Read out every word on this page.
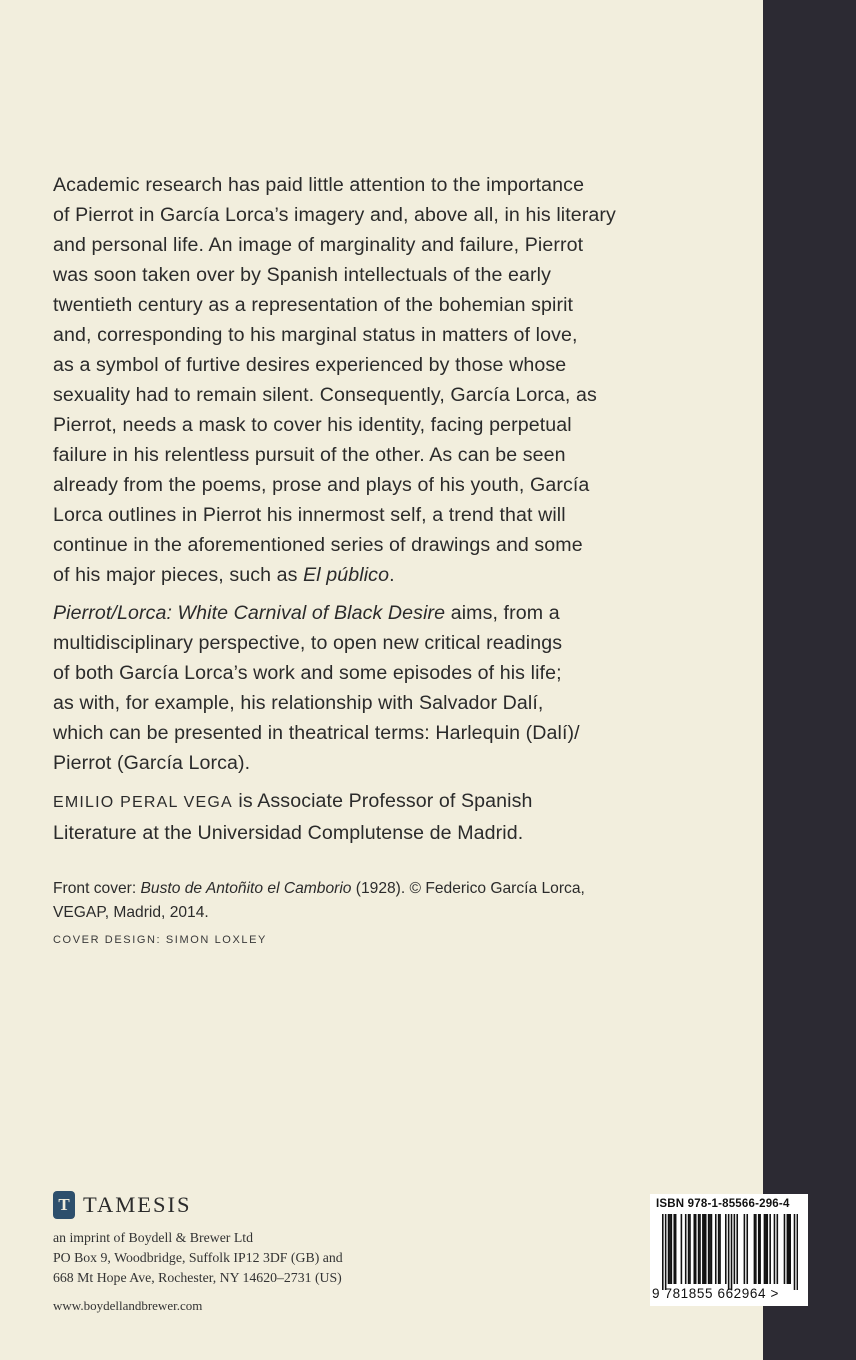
Academic research has paid little attention to the importance
of Pierrot in García Lorca’s imagery and, above all, in his literary
and personal life. An image of marginality and failure, Pierrot
was soon taken over by Spanish intellectuals of the early
twentieth century as a representation of the bohemian spirit
and, corresponding to his marginal status in matters of love,
as a symbol of furtive desires experienced by those whose
sexuality had to remain silent. Consequently, García Lorca, as
Pierrot, needs a mask to cover his identity, facing perpetual
failure in his relentless pursuit of the other. As can be seen
already from the poems, prose and plays of his youth, García
Lorca outlines in Pierrot his innermost self, a trend that will
continue in the aforementioned series of drawings and some
of his major pieces, such as El público.

Pierrot/Lorca: White Carnival of Black Desire aims, from a
multidisciplinary perspective, to open new critical readings
of both García Lorca’s work and some episodes of his life;
as with, for example, his relationship with Salvador Dalí,
which can be presented in theatrical terms: Harlequin (Dalí)/
Pierrot (García Lorca).

EMILIO PERAL VEGA is Associate Professor of Spanish
Literature at the Universidad Complutense de Madrid.

Front cover: Busto de Antoñito el Camborio (1928). © Federico García Lorca,
VEGAP, Madrid, 2014.
COVER DESIGN: SIMON LOXLEY
T TAMESIS
an imprint of Boydell & Brewer Ltd
PO Box 9, Woodbridge, Suffolk IP12 3DF (GB) and
668 Mt Hope Ave, Rochester, NY 14620–2731 (US)
www.boydellandbrewer.com
ISBN 978-1-85566-296-4
9 781855 662964 >
